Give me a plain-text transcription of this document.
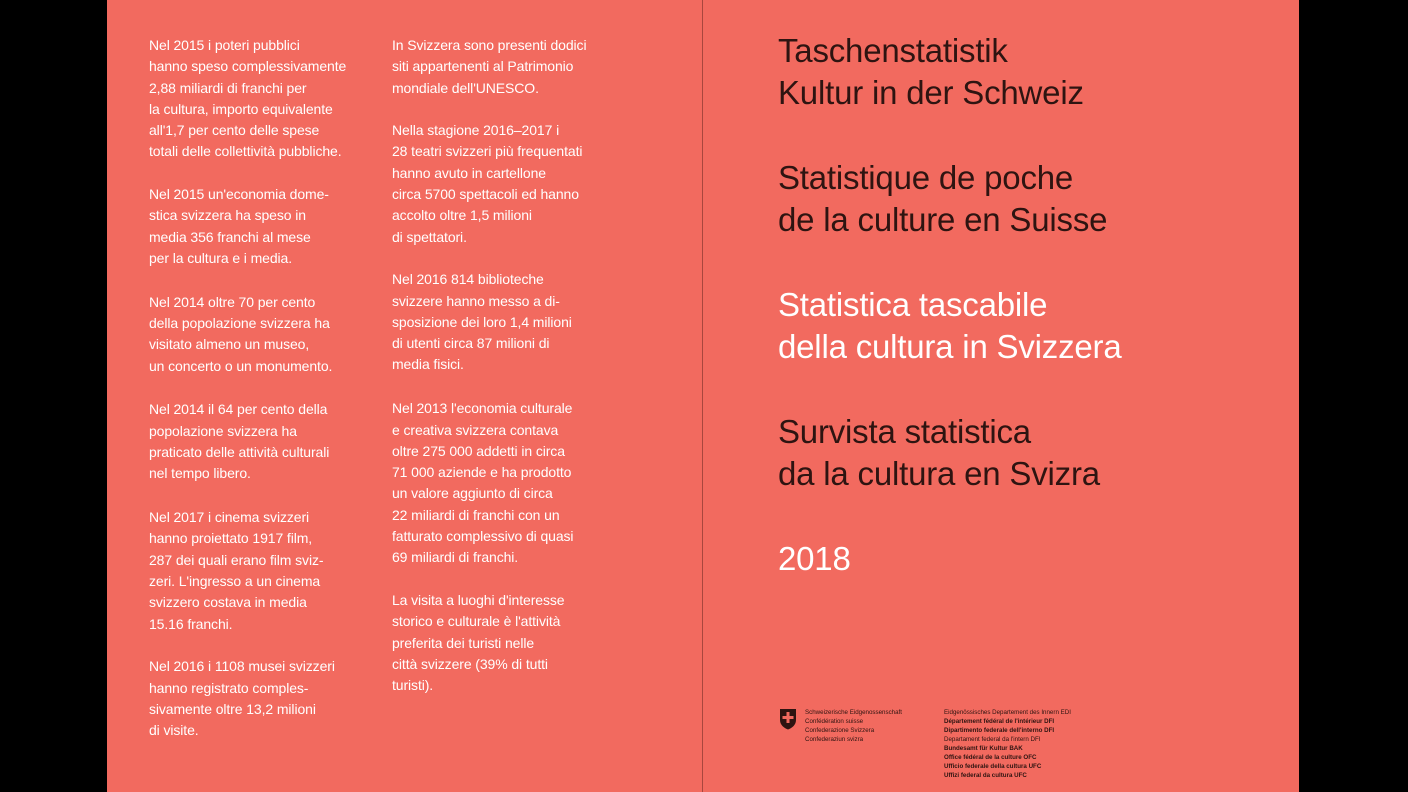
Nel 2015 i poteri pubblici
hanno speso complessivamente
2,88 miliardi di franchi per
la cultura, importo equivalente
all'1,7 per cento delle spese
totali delle collettività pubbliche.

Nel 2015 un'economia dome-
stica svizzera ha speso in
media 356 franchi al mese
per la cultura e i media.

Nel 2014 oltre 70 per cento
della popolazione svizzera ha
visitato almeno un museo,
un concerto o un monumento.

Nel 2014 il 64 per cento della
popolazione svizzera ha
praticato delle attività culturali
nel tempo libero.

Nel 2017 i cinema svizzeri
hanno proiettato 1917 film,
287 dei quali erano film sviz-
zeri. L'ingresso a un cinema
svizzero costava in media
15.16 franchi.

Nel 2016 i 1108 musei svizzeri
hanno registrato comples-
sivamente oltre 13,2 milioni
di visite.

In Svizzera sono presenti dodici
siti appartenenti al Patrimonio
mondiale dell'UNESCO.

Nella stagione 2016–2017 i
28 teatri svizzeri più frequentati
hanno avuto in cartellone
circa 5700 spettacoli ed hanno
accolto oltre 1,5 milioni
di spettatori.

Nel 2016 814 biblioteche
svizzere hanno messo a di-
sposizione dei loro 1,4 milioni
di utenti circa 87 milioni di
media fisici.

Nel 2013 l'economia culturale
e creativa svizzera contava
oltre 275 000 addetti in circa
71 000 aziende e ha prodotto
un valore aggiunto di circa
22 miliardi di franchi con un
fatturato complessivo di quasi
69 miliardi di franchi.

La visita a luoghi d'interesse
storico e culturale è l'attività
preferita dei turisti nelle
città svizzere (39% di tutti
turisti).

Taschenstatistik
Kultur in der Schweiz
Statistique de poche
de la culture en Suisse
Statistica tascabile
della cultura in Svizzera
Survista statistica
da la cultura en Svizra
2018
Schweizerische Eidgenossenschaft
Confédération suisse
Confederazione Svizzera
Confederaziun svizra
Eidgenössisches Departement des Innern EDI
Département fédéral de l'intérieur DFI
Dipartimento federale dell'interno DFI
Departament federal da l'intern DFI
Bundesamt für Kultur BAK
Office fédéral de la culture OFC
Ufficio federale della cultura UFC
Uffizi federal da cultura UFC
